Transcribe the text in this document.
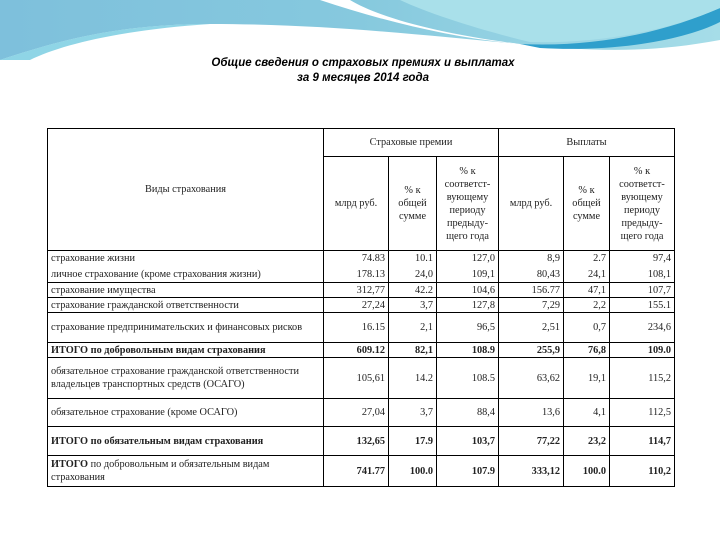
Общие сведения о страховых премиях и выплатах
за 9 месяцев 2014 года
Виды страхования	Страховые премии			Выплаты		
	млрд руб.	% к общей сумме	% к соответст-вующему периоду предыду-щего года	млрд руб.	% к общей сумме	% к соответст-вующему периоду предыду-щего года
страхование жизни	74.83	10.1	127,0	8,9	2.7	97,4
личное страхование (кроме страхования жизни)	178.13	24,0	109,1	80,43	24,1	108,1
страхование имущества	312,77	42.2	104,6	156.77	47,1	107,7
страхование гражданской ответственности	27,24	3,7	127,8	7,29	2,2	155.1
страхование предпринимательских и финансовых рисков	16.15	2,1	96,5	2,51	0,7	234,6
ИТОГО по добровольным видам страхования	609.12	82,1	108.9	255,9	76,8	109.0
обязательное страхование гражданской ответственности владельцев транспортных средств (ОСАГО)	105,61	14.2	108.5	63,62	19,1	115,2
обязательное страхование (кроме ОСАГО)	27,04	3,7	88,4	13,6	4,1	112,5
ИТОГО по обязательным видам страхования	132,65	17.9	103,7	77,22	23,2	114,7
ИТОГО по добровольным и обязательным видам страхования	741.77	100.0	107.9	333,12	100.0	110,2
